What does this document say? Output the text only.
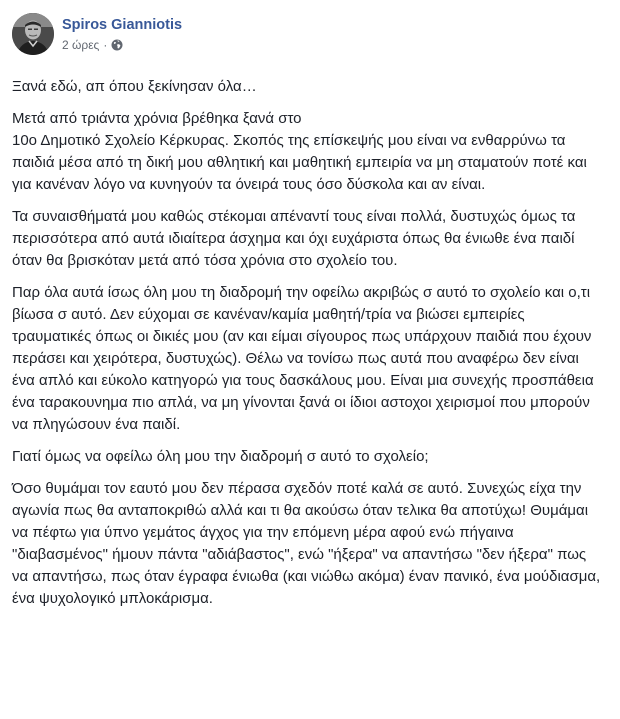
Spiros Gianniotis
2 ώρες ·

Ξανά εδώ, απ όπου ξεκίνησαν όλα…

Μετά από τριάντα χρόνια βρέθηκα ξανά στο
10ο Δημοτικό Σχολείο Κέρκυρας. Σκοπός της επίσκεψής μου είναι να ενθαρρύνω τα παιδιά μέσα από τη δική μου αθλητική και μαθητική εμπειρία να μη σταματούν ποτέ και για κανέναν λόγο να κυνηγούν τα όνειρά τους όσο δύσκολα και αν είναι.

Τα συναισθήματά μου καθώς στέκομαι απέναντί τους είναι πολλά, δυστυχώς όμως τα περισσότερα από αυτά ιδιαίτερα άσχημα και όχι ευχάριστα όπως θα ένιωθε ένα παιδί όταν θα βρισκόταν μετά από τόσα χρόνια στο σχολείο του.

Παρ όλα αυτά ίσως όλη μου τη διαδρομή την οφείλω ακριβώς σ αυτό το σχολείο και ο,τι βίωσα σ αυτό. Δεν εύχομαι σε κανέναν/καμία μαθητή/τρία να βιώσει εμπειρίες τραυματικές όπως οι δικιές μου (αν και είμαι σίγουρος πως υπάρχουν παιδιά που έχουν περάσει και χειρότερα, δυστυχώς). Θέλω να τονίσω πως αυτά που αναφέρω δεν είναι ένα απλό και εύκολο κατηγορώ για τους δασκάλους μου. Είναι μια συνεχής προσπάθεια ένα ταρακουνημα πιο απλά, να μη γίνονται ξανά οι ίδιοι αστοχοι χειρισμοί που μπορούν να πληγώσουν ένα παιδί.

Γιατί όμως να οφείλω όλη μου την διαδρομή σ αυτό το σχολείο;

Όσο θυμάμαι τον εαυτό μου δεν πέρασα σχεδόν ποτέ καλά σε αυτό. Συνεχώς είχα την αγωνία πως θα ανταποκριθώ αλλά και τι θα ακούσω όταν τελικα θα αποτύχω! Θυμάμαι να πέφτω για ύπνο γεμάτος άγχος για την επόμενη μέρα αφού ενώ πήγαινα "διαβασμένος" ήμουν πάντα "αδιάβαστος", ενώ "ήξερα" να απαντήσω "δεν ήξερα" πως να απαντήσω, πως όταν έγραφα ένιωθα (και νιώθω ακόμα) έναν πανικό, ένα μούδιασμα, ένα ψυχολογικό μπλοκάρισμα.
